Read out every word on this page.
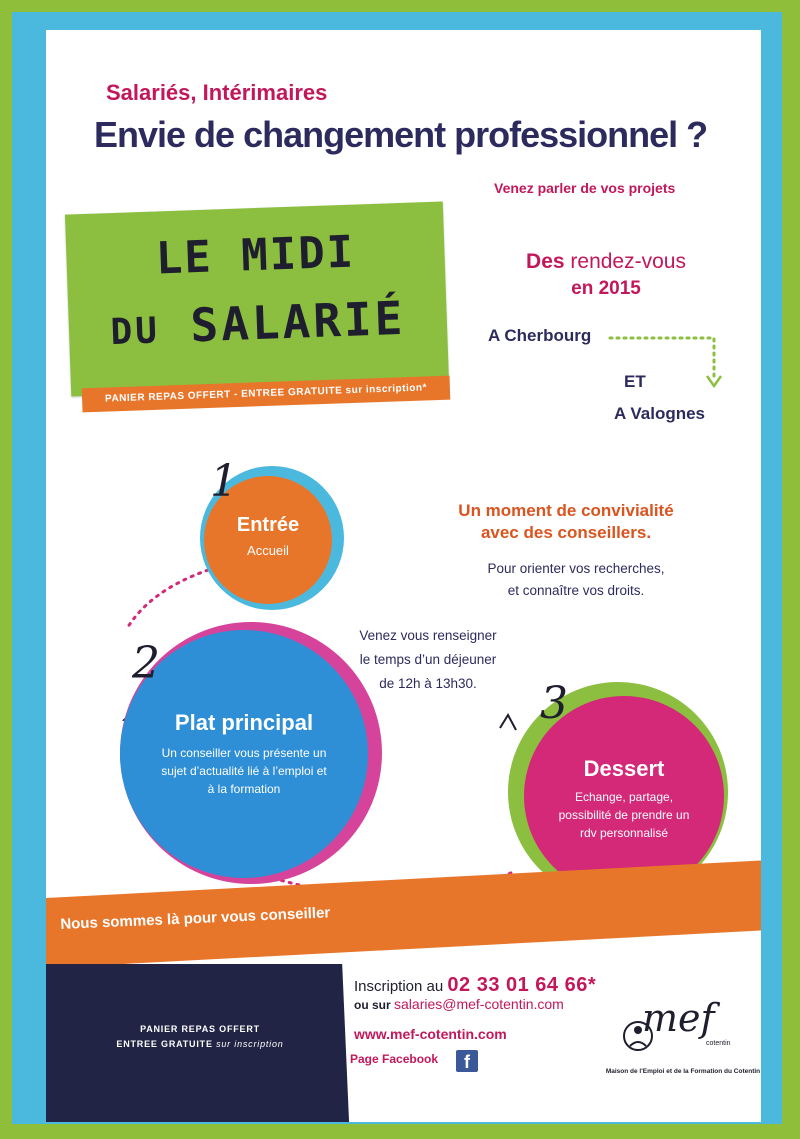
Salariés, Intérimaires
Envie de changement professionnel ?
Venez parler de vos projets
LE MIDI
DU SALARIÉ
PANIER REPAS OFFERT - ENTREE GRATUITE sur inscription*
Des rendez-vous
en 2015
A Cherbourg
ET
A Valognes
Entrée
Accueil
1
Plat principal
Un conseiller vous présente un sujet d’actualité lié à l’emploi et à la formation
2
Dessert
Echange, partage, possibilité de prendre un rdv personnalisé
3
Un moment de convivialité
avec des conseillers.
Pour orienter vos recherches,
et connaître vos droits.
Venez vous renseigner
le temps d’un déjeuner
de 12h à 13h30.
Nous sommes là pour vous conseiller
PANIER REPAS OFFERT
ENTREE GRATUITE sur inscription
Inscription au 02 33 01 64 66*
ou sur salaries@mef-cotentin.com
www.mef-cotentin.com
Page Facebook	f
mef
cotentin
Maison de l'Emploi et de la Formation du Cotentin
